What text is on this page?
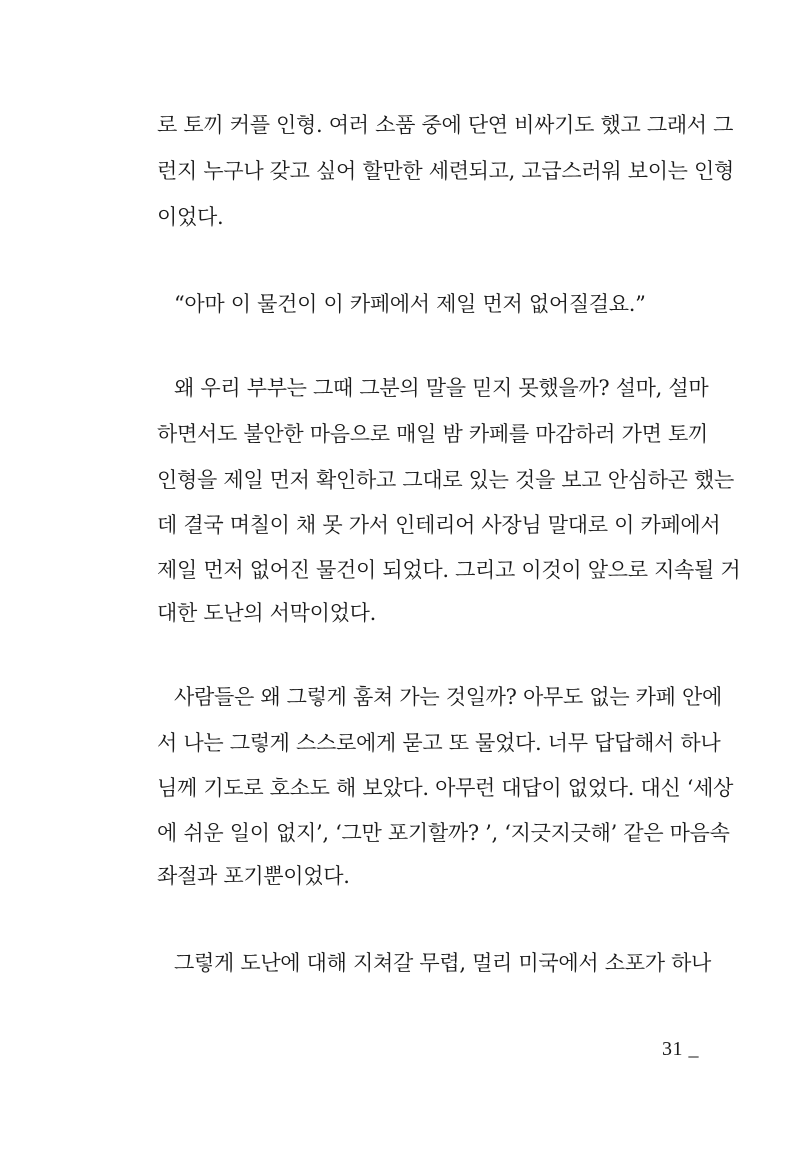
로 토끼 커플 인형. 여러 소품 중에 단연 비싸기도 했고 그래서 그
런지 누구나 갖고 싶어 할만한 세련되고, 고급스러워 보이는 인형
이었다.
“아마 이 물건이 이 카페에서 제일 먼저 없어질걸요.”
왜 우리 부부는 그때 그분의 말을 믿지 못했을까? 설마, 설마
하면서도 불안한 마음으로 매일 밤 카페를 마감하러 가면 토끼
인형을 제일 먼저 확인하고 그대로 있는 것을 보고 안심하곤 했는
데 결국 며칠이 채 못 가서 인테리어 사장님 말대로 이 카페에서
제일 먼저 없어진 물건이 되었다. 그리고 이것이 앞으로 지속될 거
대한 도난의 서막이었다.
사람들은 왜 그렇게 훔쳐 가는 것일까? 아무도 없는 카페 안에
서 나는 그렇게 스스로에게 묻고 또 물었다. 너무 답답해서 하나
님께 기도로 호소도 해 보았다. 아무런 대답이 없었다. 대신 ‘세상
에 쉬운 일이 없지’, ‘그만 포기할까? ’, ‘지긋지긋해’ 같은 마음속
좌절과 포기뿐이었다.
그렇게 도난에 대해 지쳐갈 무렵, 멀리 미국에서 소포가 하나
31 _
